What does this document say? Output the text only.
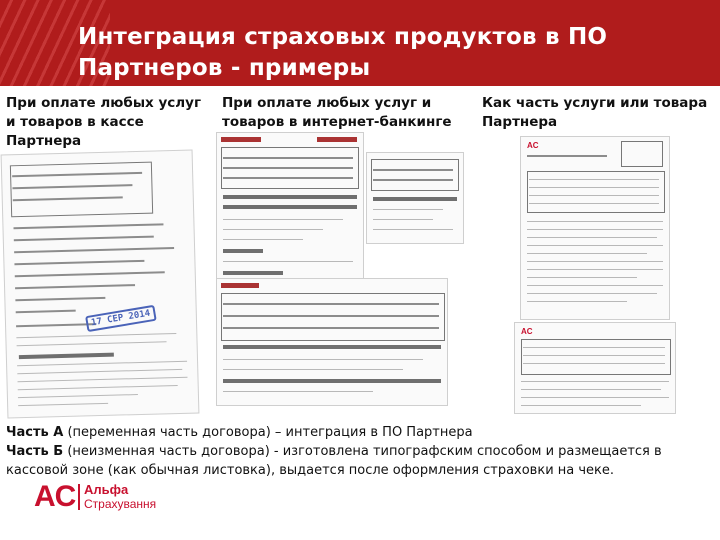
Интеграция страховых продуктов в ПО Партнеров - примеры
При оплате любых услуг и товаров в кассе Партнера
При оплате любых услуг и товаров в интернет-банкинге
Как часть услуги или товара Партнера
17 СЕР 2014
AC
AC
Часть А (переменная часть договора) – интеграция в ПО Партнера
Часть Б (неизменная часть договора) - изготовлена типографским способом и размещается в кассовой зоне (как обычная листовка), выдается после оформления страховки на чеке.
AC Альфа
Страхування
